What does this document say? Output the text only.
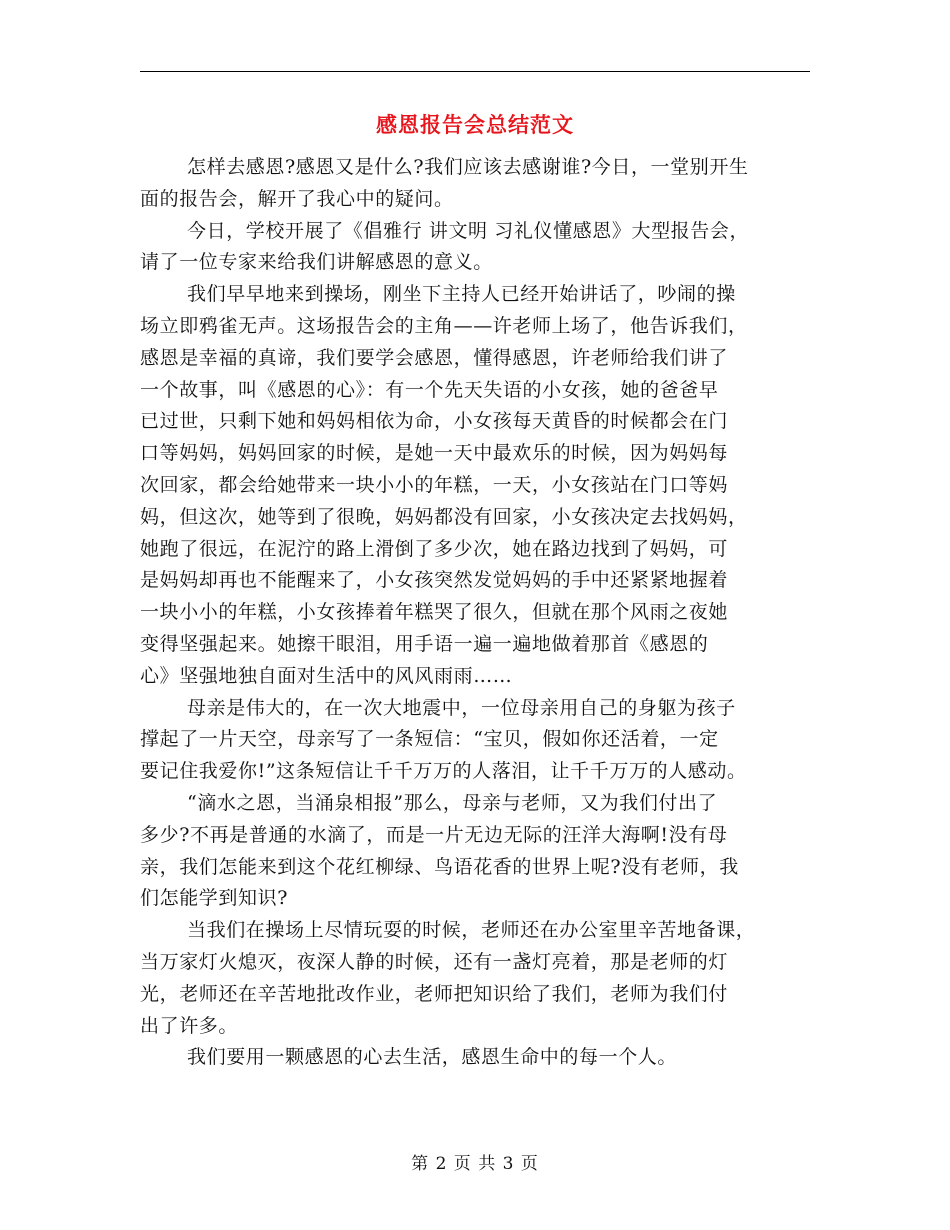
感恩报告会总结范文
怎样去感恩?感恩又是什么?我们应该去感谢谁?今日，一堂别开生
面的报告会，解开了我心中的疑问。
今日，学校开展了《倡雅行 讲文明 习礼仪懂感恩》大型报告会，
请了一位专家来给我们讲解感恩的意义。
我们早早地来到操场，刚坐下主持人已经开始讲话了，吵闹的操
场立即鸦雀无声。这场报告会的主角——许老师上场了，他告诉我们，
感恩是幸福的真谛，我们要学会感恩，懂得感恩，许老师给我们讲了
一个故事，叫《感恩的心》：有一个先天失语的小女孩，她的爸爸早
已过世，只剩下她和妈妈相依为命，小女孩每天黄昏的时候都会在门
口等妈妈，妈妈回家的时候，是她一天中最欢乐的时候，因为妈妈每
次回家，都会给她带来一块小小的年糕，一天，小女孩站在门口等妈
妈，但这次，她等到了很晚，妈妈都没有回家，小女孩决定去找妈妈，
她跑了很远，在泥泞的路上滑倒了多少次，她在路边找到了妈妈，可
是妈妈却再也不能醒来了，小女孩突然发觉妈妈的手中还紧紧地握着
一块小小的年糕，小女孩捧着年糕哭了很久，但就在那个风雨之夜她
变得坚强起来。她擦干眼泪，用手语一遍一遍地做着那首《感恩的
心》坚强地独自面对生活中的风风雨雨……
母亲是伟大的，在一次大地震中，一位母亲用自己的身躯为孩子
撑起了一片天空，母亲写了一条短信：“宝贝，假如你还活着，一定
要记住我爱你!”这条短信让千千万万的人落泪，让千千万万的人感动。
“滴水之恩，当涌泉相报”那么，母亲与老师，又为我们付出了
多少?不再是普通的水滴了，而是一片无边无际的汪洋大海啊!没有母
亲，我们怎能来到这个花红柳绿、鸟语花香的世界上呢?没有老师，我
们怎能学到知识?
当我们在操场上尽情玩耍的时候，老师还在办公室里辛苦地备课，
当万家灯火熄灭，夜深人静的时候，还有一盏灯亮着，那是老师的灯
光，老师还在辛苦地批改作业，老师把知识给了我们，老师为我们付
出了许多。
我们要用一颗感恩的心去生活，感恩生命中的每一个人。
第 2 页 共 3 页
